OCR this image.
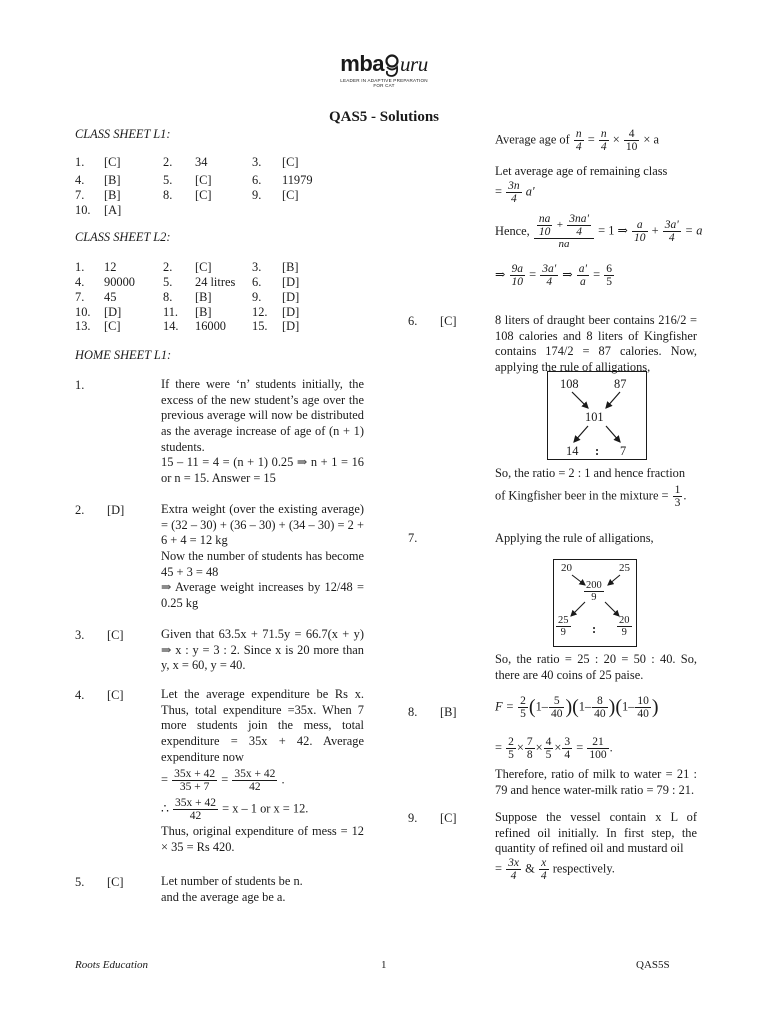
mba uru
LEADER IN ADAPTIVE PREPARATION
FOR CAT
QAS5 - Solutions
CLASS SHEET L1:
1. [C]	2. 34	3. [C]
4. [B]	5. [C]	6. 11979
7. [B]	8. [C]	9. [C]
10. [A]
CLASS SHEET L2:
1. 12	2. [C]	3. [B]
4. 90000 5. 24 litres 6. [D]
7. 45	8. [B]	9. [D]
10. [D]	11. [B]	12. [D]
13. [C]	14. 16000 15. [D]
HOME SHEET L1:
1.	If there were ‘n’ students initially, the excess of the new student’s age over the previous average will now be distributed as the average increase of age of (n + 1) students.
15 – 11 = 4 = (n + 1) 0.25 ⇒ n + 1 = 16 or n = 15. Answer = 15
2. [D]	Extra weight (over the existing average) = (32 – 30) + (36 – 30) + (34 – 30) = 2 + 6 + 4 = 12 kg
Now the number of students has become 45 + 3 = 48
⇒ Average weight increases by 12/48 = 0.25 kg
3. [C]	Given that 63.5x + 71.5y = 66.7(x + y) ⇒ x : y = 3 : 2. Since x is 20 more than y, x = 60, y = 40.
4. [C]	Let the average expenditure be Rs x. Thus, total expenditure =35x. When 7 more students join the mess, total expenditure = 35x + 42. Average expenditure now
= $\frac{35x + 42}{35 + 7} = \frac{35x + 42}{42}$ .
∴ $\frac{35x + 42}{42} = x - 1$ or x = 12.
Thus, original expenditure of mess = 12 × 35 = Rs 420.
5. [C]	Let number of students be n.
and the average age be a.
Average age of $\frac{n}{4} = \frac{n}{4} \times \frac{4}{10} \times a$
Let average age of remaining class
= $\frac{3n}{4} a'$
Hence, $\frac{\frac{na}{10} + \frac{3na'}{4}}{na} = 1$ ⇒ $\frac{a}{10} + \frac{3a'}{4} = a$
⇒ $\frac{9a}{10} = \frac{3a'}{4}$ ⇒ $\frac{a'}{a} = \frac{6}{5}$
6. [C]	8 liters of draught beer contains 216/2 = 108 calories and 8 liters of Kingfisher contains 174/2 = 87 calories. Now, applying the rule of alligations,
108	87
101
14 : 7
So, the ratio = 2 : 1 and hence fraction
of Kingfisher beer in the mixture = $\frac{1}{3}$ .
7.	Applying the rule of alligations,
20	25
$\frac{200}{9}$
$\frac{25}{9}$ : $\frac{20}{9}$
So, the ratio = 25 : 20 = 50 : 40. So, there are 40 coins of 25 paise.
8. [B]	$F = \frac{2}{5} (1- \frac{5}{40} )(1- \frac{8}{40} )(1- \frac{10}{40}$ )
= $\frac{2}{5} \times \frac{7}{8} \times \frac{4}{5} \times \frac{3}{4} = \frac{21}{100}$ .
Therefore, ratio of milk to water = 21 : 79 and hence water-milk ratio = 79 : 21.
9. [C]	Suppose the vessel contain x L of refined oil initially. In first step, the quantity of refined oil and mustard oil
= $\frac{3x}{4}$ & $\frac{x}{4}$ respectively.
Roots Education	1	QAS5S
